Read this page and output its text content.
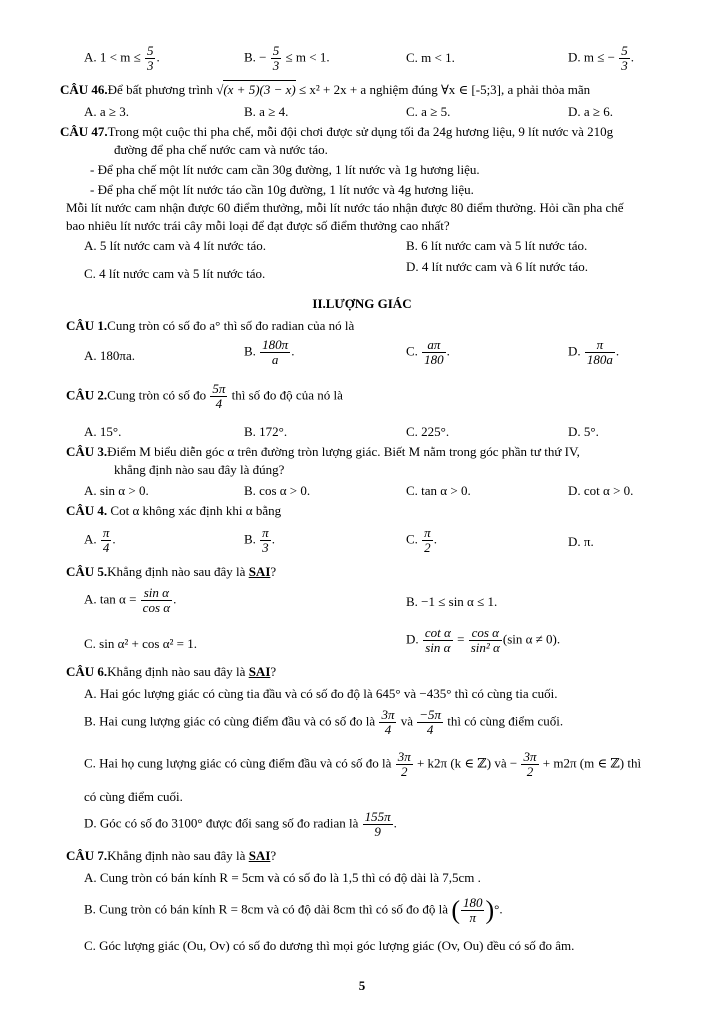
A. $1 < m \le \frac{5}{3}$ .	B. − $\frac{5}{3} \le m < 1$.	C. m < 1.	D. m ≤ − $\frac{5}{3}$ .
CÂU 46.Để bất phương trình √(x + 5)(3 − x) ≤ x² + 2x + a nghiệm đúng ∀x ∈ [-5;3], a phải thỏa mãn
A. a ≥ 3.	B. a ≥ 4.	C. a ≥ 5.	D. a ≥ 6.
CÂU 47.Trong một cuộc thi pha chế, mỗi đội chơi được sử dụng tối đa 24g hương liệu, 9 lít nước và 210g
đường để pha chế nước cam và nước táo.
- Để pha chế một lít nước cam cần 30g đường, 1 lít nước và 1g hương liệu.
- Để pha chế một lít nước táo cần 10g đường, 1 lít nước và 4g hương liệu.
Mỗi lít nước cam nhận được 60 điểm thưởng, mỗi lít nước táo nhận được 80 điểm thưởng. Hỏi cần pha chế
bao nhiêu lít nước trái cây mỗi loại để đạt được số điểm thưởng cao nhất?
A. 5 lít nước cam và 4 lít nước táo.	B. 6 lít nước cam và 5 lít nước táo.
C. 4 lít nước cam và 5 lít nước táo.	D. 4 lít nước cam và 6 lít nước táo.
II.LƯỢNG GIÁC
CÂU 1.Cung tròn có số đo a° thì số đo radian của nó là
A. 180πa.	B. $\frac{180\pi}{a}$ .	C. $\frac{a\pi}{180}$ .	D. $\frac{\pi}{180a}$ .
CÂU 2.Cung tròn có số đo $\frac{5\pi}{4}$ thì số đo độ của nó là
A. 15°.	B. 172°.	C. 225°.	D. 5°.
CÂU 3.Điểm M biểu diễn góc α trên đường tròn lượng giác. Biết M nằm trong góc phần tư thứ IV,
khẳng định nào sau đây là đúng?
A. sin α > 0.	B. cos α > 0.	C. tan α > 0.	D. cot α > 0.
CÂU 4. Cot α không xác định khi α bằng
A. $\frac{\pi}{4}$ .	B. $\frac{\pi}{3}$ .	C. $\frac{\pi}{2}$ .	D. π.
CÂU 5.Khẳng định nào sau đây là SAI?
A. $\tan \alpha = \frac{\text{sin α}}{\text{cos α}}$ .	B. −1 ≤ sin α ≤ 1.
C. sin α² + cos α² = 1.	D. $\frac{\text{cot α}}{\text{sin α}} = \frac{\text{cos α}}{\text{sin² α}} (\sin$ α ≠ 0).
CÂU 6.Khẳng định nào sau đây là SAI?
A. Hai góc lượng giác có cùng tia đầu và có số đo độ là 645° và −435° thì có cùng tia cuối.
B. Hai cung lượng giác có cùng điểm đầu và có số đo là $\frac{3\pi}{4}$ và $\frac{-5\pi}{4}$ thì có cùng điểm cuối.
C. Hai họ cung lượng giác có cùng điểm đầu và có số đo là $\frac{3\pi}{2} + k2\pi$ (k ∈ ℤ) và − $\frac{3\pi}{2} + m2\pi$ (m ∈ ℤ) thì
có cùng điểm cuối.
D. Góc có số đo 3100° được đổi sang số đo radian là $\frac{155\pi}{9}$ .
CÂU 7.Khẳng định nào sau đây là SAI?
A. Cung tròn có bán kính R = 5cm và có số đo là 1,5 thì có độ dài là 7,5cm .
B. Cung tròn có bán kính R = 8cm và có độ dài 8cm thì có số đo độ là ( $\frac{180}{\pi}$ )°.
C. Góc lượng giác (Ou, Ov) có số đo dương thì mọi góc lượng giác (Ov, Ou) đều có số đo âm.
5
